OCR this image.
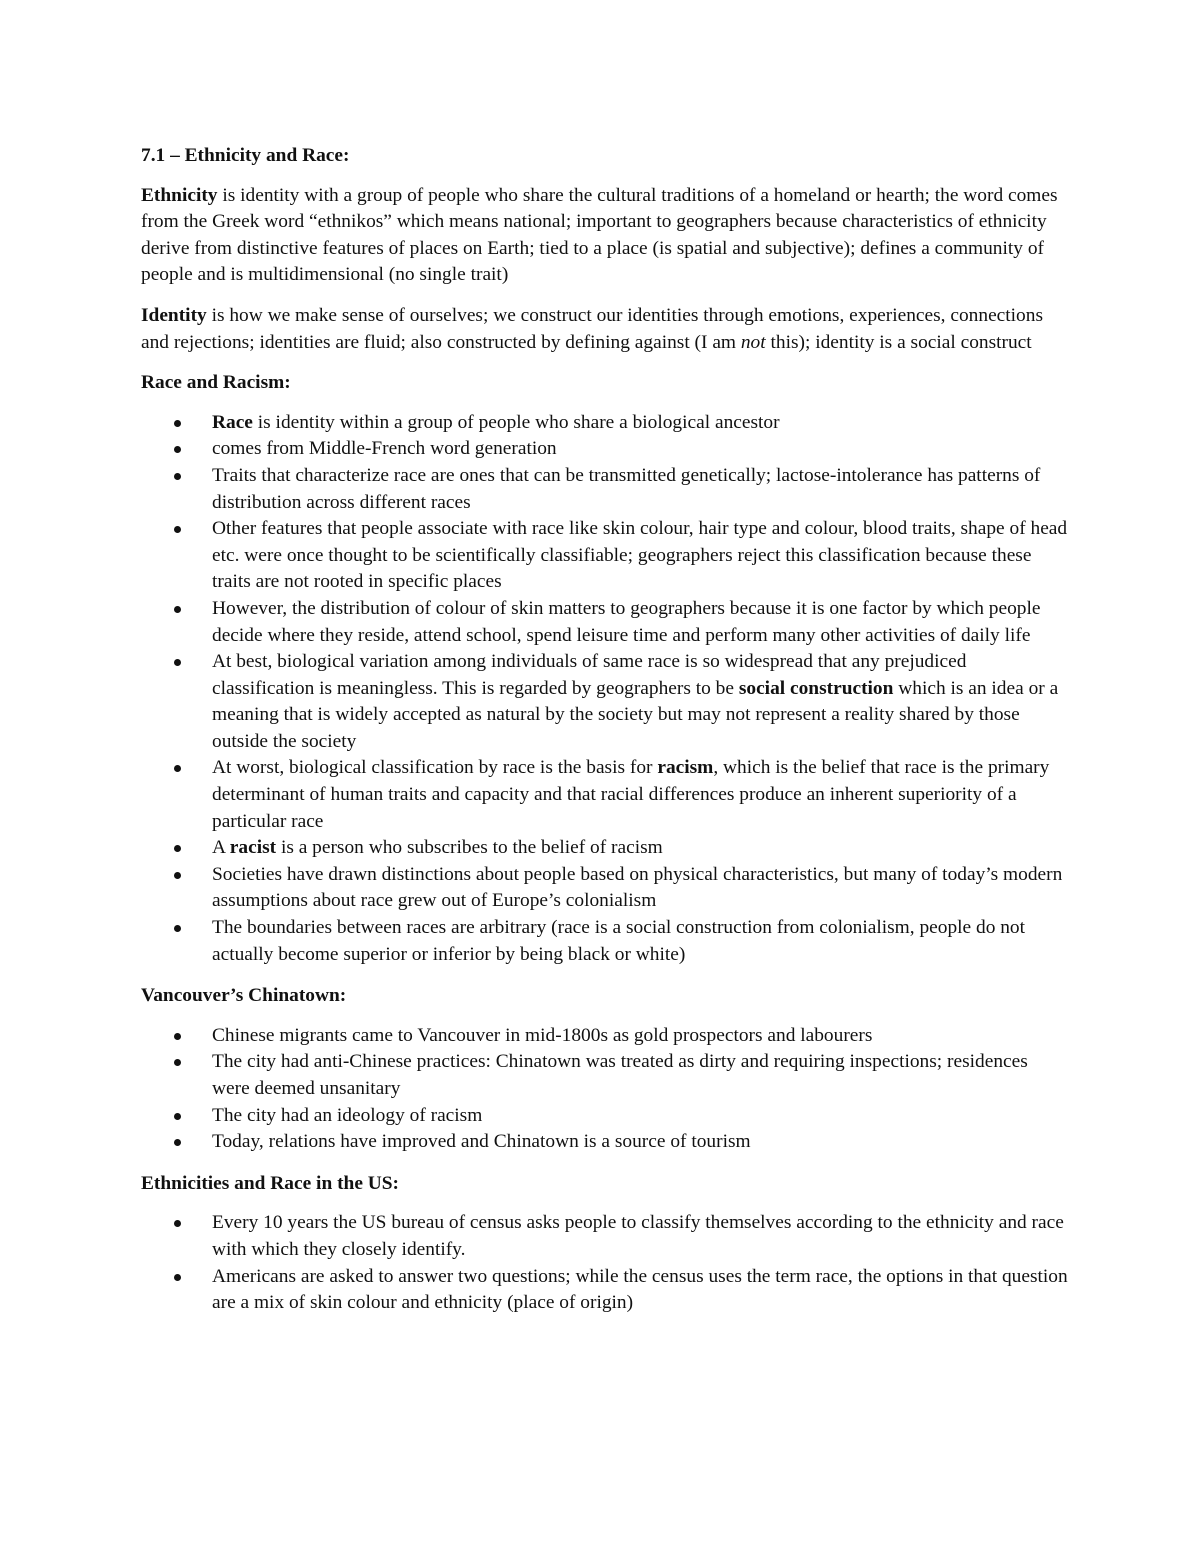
7.1 – Ethnicity and Race:

Ethnicity is identity with a group of people who share the cultural traditions of a homeland or hearth; the word comes from the Greek word “ethnikos” which means national; important to geographers because characteristics of ethnicity derive from distinctive features of places on Earth; tied to a place (is spatial and subjective); defines a community of people and is multidimensional (no single trait)

Identity is how we make sense of ourselves; we construct our identities through emotions, experiences, connections and rejections; identities are fluid; also constructed by defining against (I am not this); identity is a social construct

Race and Racism:
Race is identity within a group of people who share a biological ancestor
comes from Middle-French word generation
Traits that characterize race are ones that can be transmitted genetically; lactose-intolerance has patterns of distribution across different races
Other features that people associate with race like skin colour, hair type and colour, blood traits, shape of head etc. were once thought to be scientifically classifiable; geographers reject this classification because these traits are not rooted in specific places
However, the distribution of colour of skin matters to geographers because it is one factor by which people decide where they reside, attend school, spend leisure time and perform many other activities of daily life
At best, biological variation among individuals of same race is so widespread that any prejudiced classification is meaningless. This is regarded by geographers to be social construction which is an idea or a meaning that is widely accepted as natural by the society but may not represent a reality shared by those outside the society
At worst, biological classification by race is the basis for racism, which is the belief that race is the primary determinant of human traits and capacity and that racial differences produce an inherent superiority of a particular race
A racist is a person who subscribes to the belief of racism
Societies have drawn distinctions about people based on physical characteristics, but many of today’s modern assumptions about race grew out of Europe’s colonialism
The boundaries between races are arbitrary (race is a social construction from colonialism, people do not actually become superior or inferior by being black or white)
Vancouver’s Chinatown:
Chinese migrants came to Vancouver in mid-1800s as gold prospectors and labourers
The city had anti-Chinese practices: Chinatown was treated as dirty and requiring inspections; residences were deemed unsanitary
The city had an ideology of racism
Today, relations have improved and Chinatown is a source of tourism
Ethnicities and Race in the US:
Every 10 years the US bureau of census asks people to classify themselves according to the ethnicity and race with which they closely identify.
Americans are asked to answer two questions; while the census uses the term race, the options in that question are a mix of skin colour and ethnicity (place of origin)
